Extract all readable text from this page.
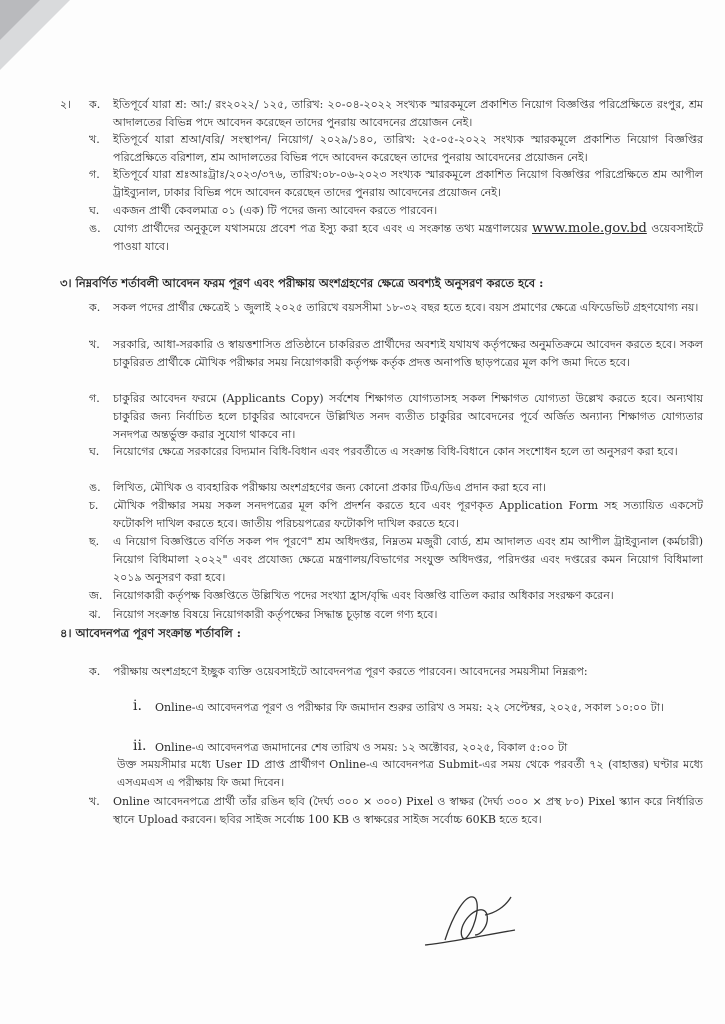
২। ক.	ইতিপূর্বে যারা শ্র: আ:/ রং২০২২/ ১২৫, তারিখ: ২০-০৪-২০২২ সংখ্যক স্মারকমূলে প্রকাশিত নিয়োগ বিজ্ঞপ্তির পরিপ্রেক্ষিতে রংপুর, শ্রম আদালতের বিভিন্ন পদে আবেদন করেছেন তাদের পুনরায় আবেদনের প্রয়োজন নেই।
খ.	ইতিপূর্বে যারা শ্রআ/বরি/ সংস্থাপন/ নিয়োগ/ ২০২৯/১৪০, তারিখ: ২৫-০৫-২০২২ সংখ্যক স্মারকমূলে প্রকাশিত নিয়োগ বিজ্ঞপ্তির পরিপ্রেক্ষিতে বরিশাল, শ্রম আদালতের বিভিন্ন পদে আবেদন করেছেন তাদের পুনরায় আবেদনের প্রয়োজন নেই।
গ.	ইতিপূর্বে যারা শ্রঃআঃট্রাঃ/২০২৩/৩৭৬, তারিখ:০৮-০৬-২০২৩ সংখ্যক স্মারকমূলে প্রকাশিত নিয়োগ বিজ্ঞপ্তির পরিপ্রেক্ষিতে শ্রম আপীল ট্রাইব্যুনাল, ঢাকার বিভিন্ন পদে আবেদন করেছেন তাদের পুনরায় আবেদনের প্রয়োজন নেই।
ঘ.	একজন প্রার্থী কেবলমাত্র ০১ (এক) টি পদের জন্য আবেদন করতে পারবেন।
ঙ.	যোগ্য প্রার্থীদের অনুকূলে যথাসময়ে প্রবেশ পত্র ইস্যু করা হবে এবং এ সংক্রান্ত তথ্য মন্ত্রণালয়ের www.mole.gov.bd ওয়েবসাইটে পাওয়া যাবে।
৩। নিম্নবর্ণিত শর্তাবলী আবেদন ফরম পূরণ এবং পরীক্ষায় অংশগ্রহণের ক্ষেত্রে অবশ্যই অনুসরণ করতে হবে :
ক.	সকল পদের প্রার্থীর ক্ষেত্রেই ১ জুলাই ২০২৫ তারিখে বয়সসীমা ১৮-৩২ বছর হতে হবে। বয়স প্রমাণের ক্ষেত্রে এফিডেভিট গ্রহণযোগ্য নয়।
খ.	সরকারি, আধা-সরকারি ও স্বায়ত্তশাসিত প্রতিষ্ঠানে চাকরিরত প্রার্থীদের অবশ্যই যথাযথ কর্তৃপক্ষের অনুমতিক্রমে আবেদন করতে হবে। সকল চাকুরিরত প্রার্থীকে মৌখিক পরীক্ষার সময় নিয়োগকারী কর্তৃপক্ষ কর্তৃক প্রদত্ত অনাপত্তি ছাড়পত্রের মূল কপি জমা দিতে হবে।
গ.	চাকুরির আবেদন ফরমে (Applicants Copy) সর্বশেষ শিক্ষাগত যোগ্যতাসহ সকল শিক্ষাগত যোগ্যতা উল্লেখ করতে হবে। অন্যথায় চাকুরির জন্য নির্বাচিত হলে চাকুরির আবেদনে উল্লিখিত সনদ ব্যতীত চাকুরির আবেদনের পূর্বে অর্জিত অন্যান্য শিক্ষাগত যোগ্যতার সনদপত্র অন্তর্ভুক্ত করার সুযোগ থাকবে না।
ঘ.	নিয়োগের ক্ষেত্রে সরকারের বিদ্যমান বিধি-বিধান এবং পরবর্তীতে এ সংক্রান্ত বিধি-বিধানে কোন সংশোধন হলে তা অনুসরণ করা হবে।
ঙ.	লিখিত, মৌখিক ও ব্যবহারিক পরীক্ষায় অংশগ্রহণের জন্য কোনো প্রকার টিএ/ডিএ প্রদান করা হবে না।
চ.	মৌখিক পরীক্ষার সময় সকল সনদপত্রের মূল কপি প্রদর্শন করতে হবে এবং পূরণকৃত Application Form সহ সত্যায়িত একসেট ফটোকপি দাখিল করতে হবে। জাতীয় পরিচয়পত্রের ফটোকপি দাখিল করতে হবে।
ছ.	এ নিয়োগ বিজ্ঞপ্তিতে বর্ণিত সকল পদ পূরণে" শ্রম অধিদপ্তর, নিম্নতম মজুরী বোর্ড, শ্রম আদালত এবং শ্রম আপীল ট্রাইব্যুনাল (কর্মচারী) নিয়োগ বিধিমালা ২০২২" এবং প্রযোজ্য ক্ষেত্রে মন্ত্রণালয়/বিভাগের সংযুক্ত অধিদপ্তর, পরিদপ্তর এবং দপ্তরের কমন নিয়োগ বিধিমালা ২০১৯ অনুসরণ করা হবে।
জ. নিয়োগকারী কর্তৃপক্ষ বিজ্ঞপ্তিতে উল্লিখিত পদের সংখ্যা হ্রাস/বৃদ্ধি এবং বিজ্ঞপ্তি বাতিল করার অধিকার সংরক্ষণ করেন।
ঝ.	নিয়োগ সংক্রান্ত বিষয়ে নিয়োগকারী কর্তৃপক্ষের সিদ্ধান্ত চূড়ান্ত বলে গণ্য হবে।
৪। আবেদনপত্র পূরণ সংক্রান্ত শর্তাবলি :
ক.	পরীক্ষায় অংশগ্রহণে ইচ্ছুক ব্যক্তি ওয়েবসাইটে আবেদনপত্র পূরণ করতে পারবেন। আবেদনের সময়সীমা নিম্নরূপ:
i.	Online-এ আবেদনপত্র পূরণ ও পরীক্ষার ফি জমাদান শুরুর তারিখ ও সময়: ২২ সেপ্টেম্বর, ২০২৫, সকাল ১০:০০ টা।
ii. Online-এ আবেদনপত্র জমাদানের শেষ তারিখ ও সময়: ১২ অক্টোবর, ২০২৫, বিকাল ৫:০০ টা
উক্ত সময়সীমার মধ্যে User ID প্রাপ্ত প্রার্থীগণ Online-এ আবেদনপত্র Submit-এর সময় থেকে পরবর্তী ৭২ (বাহাত্তর) ঘণ্টার মধ্যে এসএমএস এ পরীক্ষায় ফি জমা দিবেন।
খ.	Online আবেদনপত্রে প্রার্থী তাঁর রঙিন ছবি (দৈর্ঘ্য ৩০০ × ৩০০) Pixel ও স্বাক্ষর (দৈর্ঘ্য ৩০০ × প্রস্থ ৮০) Pixel স্ক্যান করে নির্ধারিত স্থানে Upload করবেন। ছবির সাইজ সর্বোচ্চ 100 KB ও স্বাক্ষরের সাইজ সর্বোচ্চ 60KB হতে হবে।
